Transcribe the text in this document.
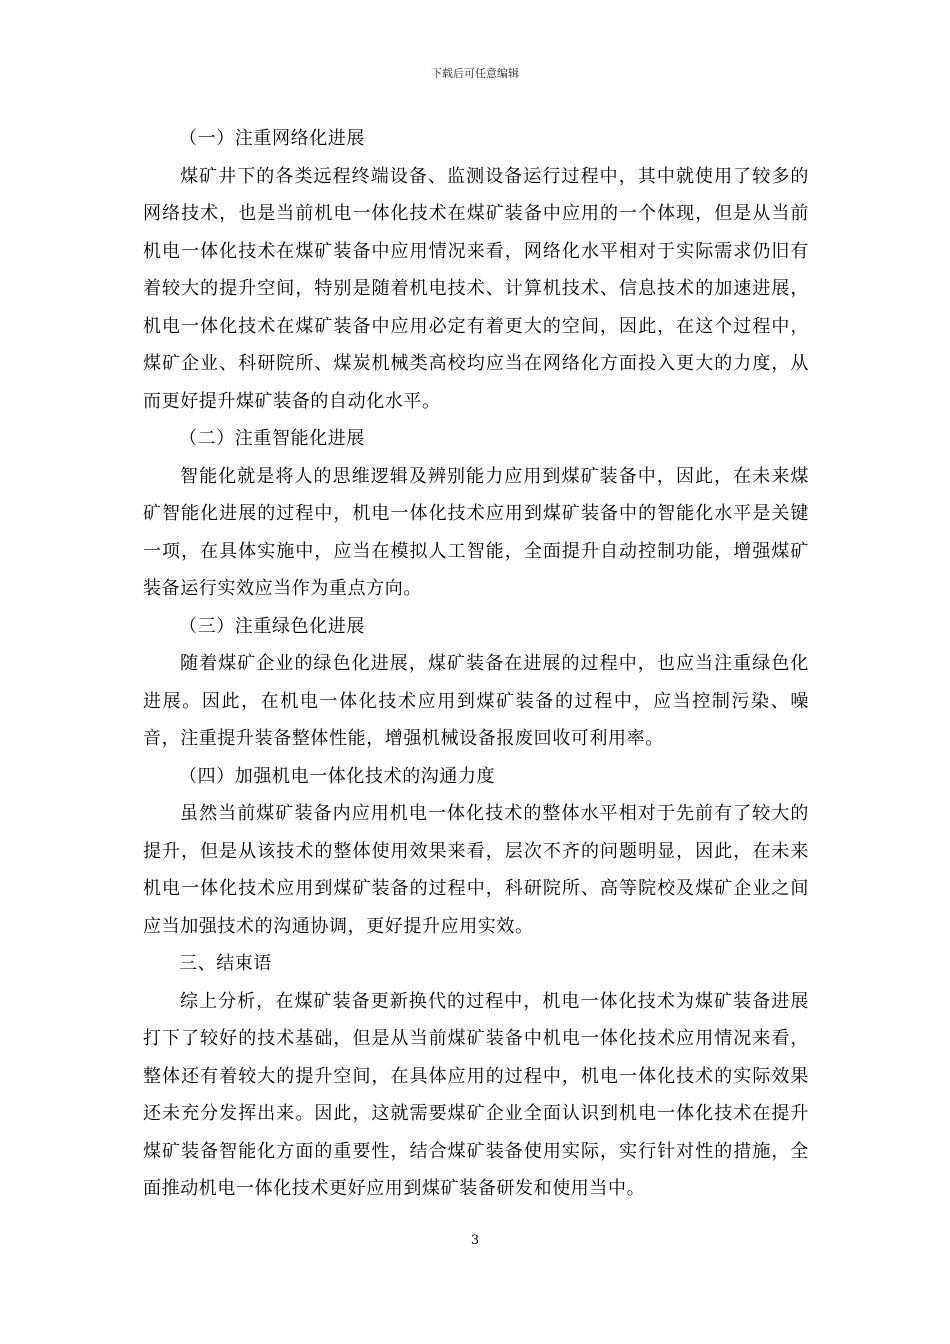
下载后可任意编辑

（一）注重网络化进展

煤矿井下的各类远程终端设备、监测设备运行过程中，其中就使用了较多的网络技术，也是当前机电一体化技术在煤矿装备中应用的一个体现，但是从当前机电一体化技术在煤矿装备中应用情况来看，网络化水平相对于实际需求仍旧有着较大的提升空间，特别是随着机电技术、计算机技术、信息技术的加速进展，机电一体化技术在煤矿装备中应用必定有着更大的空间，因此，在这个过程中，煤矿企业、科研院所、煤炭机械类高校均应当在网络化方面投入更大的力度，从而更好提升煤矿装备的自动化水平。

（二）注重智能化进展

智能化就是将人的思维逻辑及辨别能力应用到煤矿装备中，因此，在未来煤矿智能化进展的过程中，机电一体化技术应用到煤矿装备中的智能化水平是关键一项，在具体实施中，应当在模拟人工智能，全面提升自动控制功能，增强煤矿装备运行实效应当作为重点方向。

（三）注重绿色化进展

随着煤矿企业的绿色化进展，煤矿装备在进展的过程中，也应当注重绿色化进展。因此，在机电一体化技术应用到煤矿装备的过程中，应当控制污染、噪音，注重提升装备整体性能，增强机械设备报废回收可利用率。

（四）加强机电一体化技术的沟通力度

虽然当前煤矿装备内应用机电一体化技术的整体水平相对于先前有了较大的提升，但是从该技术的整体使用效果来看，层次不齐的问题明显，因此，在未来机电一体化技术应用到煤矿装备的过程中，科研院所、高等院校及煤矿企业之间应当加强技术的沟通协调，更好提升应用实效。

三、结束语

综上分析，在煤矿装备更新换代的过程中，机电一体化技术为煤矿装备进展打下了较好的技术基础，但是从当前煤矿装备中机电一体化技术应用情况来看，整体还有着较大的提升空间，在具体应用的过程中，机电一体化技术的实际效果还未充分发挥出来。因此，这就需要煤矿企业全面认识到机电一体化技术在提升煤矿装备智能化方面的重要性，结合煤矿装备使用实际，实行针对性的措施，全面推动机电一体化技术更好应用到煤矿装备研发和使用当中。

3
